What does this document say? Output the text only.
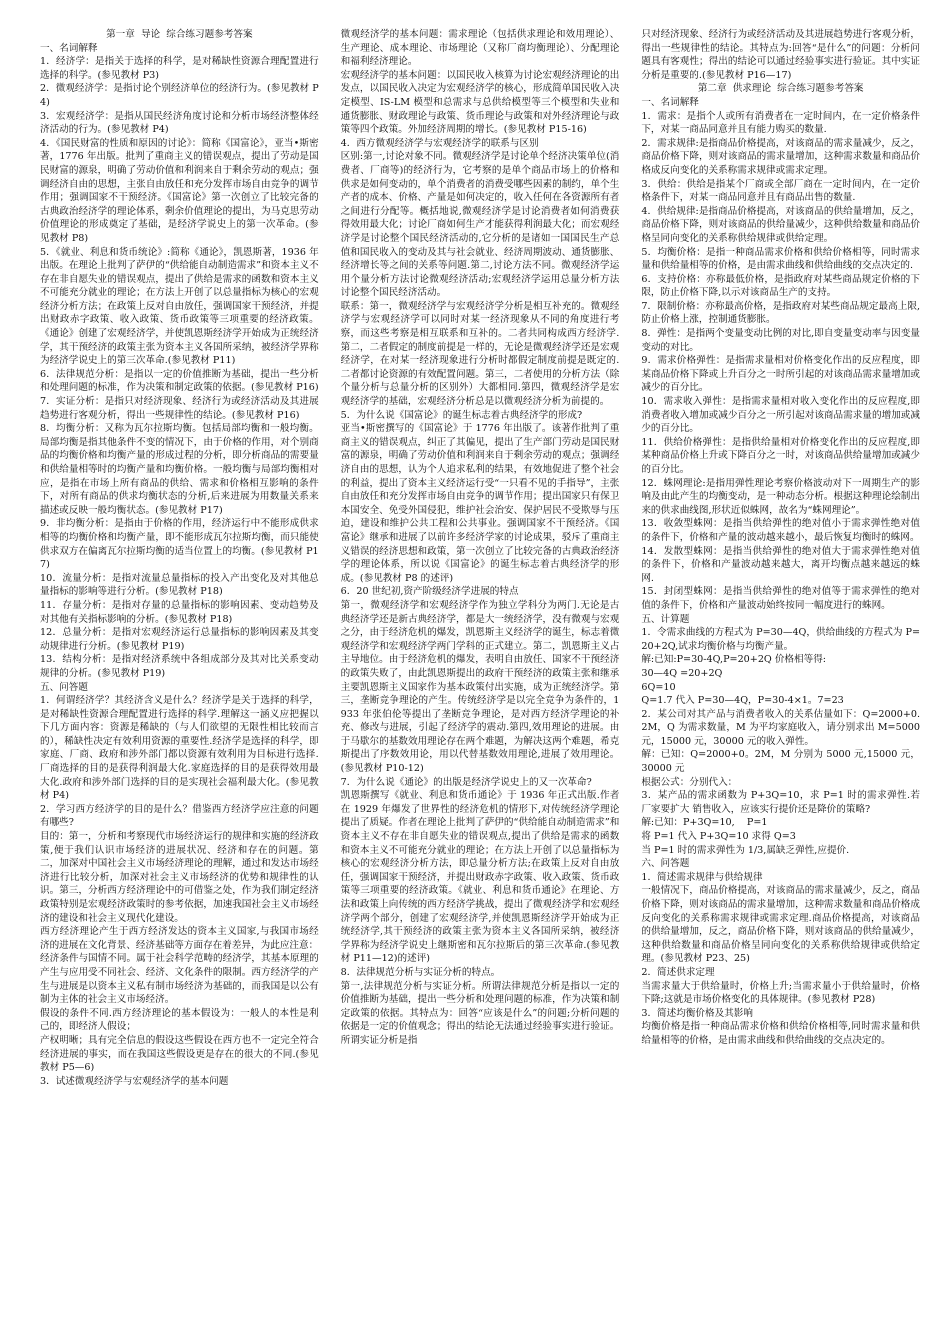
第一章  导论  综合练习题参考答案

一、名词解释

1．经济学：是指关于选择的科学，是对稀缺性资源合理配置进行选择的科学。(参见教材 P3)

2．微观经济学：是指讨论个别经济单位的经济行为。(参见教材 P4)

3．宏观经济学：是指从国民经济角度讨论和分析市场经济整体经济活动的行为。(参见教材 P4)

4．《国民财富的性质和原因的讨论》：简称《国富论》，亚当•斯密著，1776 年出版。批判了重商主义的错误观点，提出了劳动是国民财富的源泉，明确了劳动价值和利润来自于剩余劳动的观点；强调经济自由的思想，主张自由放任和充分发挥市场自由竞争的调节作用；强调国家不干预经济。《国富论》第一次创立了比较完备的古典政治经济学的理论体系，剩余价值理论的提出，为马克思劳动价值理论的形成奠定了基础，是经济学说史上的第一次革命。(参见教材 P8)

5．《就业、利息和货币统论》:简称《通论》，凯恩斯著，1936 年出版。在理论上批判了萨伊的“供给能自动制造需求”和资本主义不存在非自愿失业的错误观点，提出了供给是需求的函数和资本主义不可能充分就业的理论；在方法上开创了以总量指标为核心的宏观经济分析方法；在政策上反对自由放任，强调国家干预经济，并提出财政赤字政策、收入政策、货币政策等三项重要的经济政策。《通论》创建了宏观经济学，并使凯恩斯经济学开始成为正统经济学，其干预经济的政策主张为资本主义各国所采纳，被经济学界称为经济学说史上的第三次革命.(参见教材 P11)

6．法律规范分析：是指以一定的价值推断为基础，提出一些分析和处理问题的标准，作为决策和制定政策的依据。(参见教材 P16)

7．实证分析：是指只对经济现象、经济行为或经济活动及其进展趋势进行客观分析，得出一些规律性的结论。(参见教材 P16)

8．均衡分析：又称为瓦尔拉斯均衡。包括局部均衡和一般均衡。局部均衡是指其他条件不变的情况下，由于价格的作用，对个别商品的均衡价格和均衡产量的形成过程的分析，即分析商品的需要量和供给量相等时的均衡产量和均衡价格。一般均衡与局部均衡相对应，是指在市场上所有商品的供给、需求和价格相互影响的条件下，对所有商品的供求均衡状态的分析,后来进展为用数量关系来描述或反映一般均衡状态。(参见教材 P17)

9．非均衡分析：是指由于价格的作用，经济运行中不能形成供求相等的均衡价格和均衡产量，即不能形成瓦尔拉斯均衡，而只能使供求双方在偏离瓦尔拉斯均衡的适当位置上的均衡。(参见教材 P17)

10．流量分析：是指对流量总量指标的投入产出变化及对其他总量指标的影响等进行分析。(参见教材 P18)

11．存量分析：是指对存量的总量指标的影响因素、变动趋势及对其他有关指标影响的分析。(参见教材 P18)

12．总量分析：是指对宏观经济运行总量指标的影响因素及其变动规律进行分析。(参见教材 P19)

13．结构分析：是指对经济系统中各组成部分及其对比关系变动规律的分析。(参见教材 P19)

五、问答题

1．何谓经济学？其经济含义是什么？经济学是关于选择的科学，是对稀缺性资源合理配置进行选择的科学.理解这一涵义应把握以下几方面内容：资源是稀缺的（与人们欲望的无限性相比较而言的），稀缺性决定有效利用资源的重要性.经济学是选择的科学，即家庭、厂商、政府和涉外部门都以资源有效利用为目标进行选择.厂商选择的目的是获得利润最大化.家庭选择的目的是获得效用最大化.政府和涉外部门选择的目的是实现社会福利最大化。(参见教材 P4)

2．学习西方经济学的目的是什么？借鉴西方经济学应注意的问题有哪些?

目的：第一，分析和考察现代市场经济运行的规律和实施的经济政策,便于我们认识市场经济的进展状况、经济和存在的问题。第二，加深对中国社会主义市场经济理论的理解，通过和发达市场经济进行比较分析，加深对社会主义市场经济的优势和规律性的认识。第三，分析西方经济理论中的可借鉴之处，作为我们制定经济政策特别是宏观经济政策时的参考依据，加速我国社会主义市场经济的建设和社会主义现代化建设。

西方经济理论产生于西方经济发达的资本主义国家,与我国市场经济的进展在文化背景、经济基础等方面存在着差异，为此应注意：

经济条件与国情不同。属于社会科学范畴的经济学，其基本原理的产生与应用受不同社会、经济、文化条件的限制。西方经济学的产生与进展是以资本主义私有制市场经济为基础的，而我国是以公有制为主体的社会主义市场经济。

假设的条件不同.西方经济理论的基本假设为：一般人的本性是利己的，即经济人假设；

产权明晰；具有完全信息的假设这些假设在西方也不一定完全符合经济进展的事实，而在我国这些假设更是存在的很大的不同.(参见教材 P5—6)

3．试述微观经济学与宏观经济学的基本问题

微观经济学的基本问题：需求理论（包括供求理论和效用理论）、生产理论、成本理论、市场理论（又称厂商均衡理论）、分配理论和福利经济理论。

宏观经济学的基本问题：以国民收入核算为讨论宏观经济理论的出发点，以国民收入决定为宏观经济学的核心，形成简单国民收入决定模型、IS-LM 模型和总需求与总供给模型等三个模型和失业和通货膨胀、财政理论与政策、货币理论与政策和对外经济理论与政策等四个政策。外加经济周期的增长。(参见教材 P15-16)

4．西方微观经济学与宏观经济学的联系与区别

区别:第一,讨论对象不同。微观经济学是讨论单个经济决策单位(消费者、厂商等)的经济行为，它考察的是单个商品市场上的价格和供求是如何变动的，单个消费者的消费受哪些因素的制约，单个生产者的成本、价格、产量是如何决定的，收入任何在各资源所有者之间进行分配等。概括地说,微观经济学是讨论消费者如何消费获得效用最大化；讨论厂商如何生产才能获得利润最大化；而宏观经济学是讨论整个国民经济活动的,它分析的是诸如一国国民生产总值和国民收入的变动及其与社会就业、经济周期波动、通货膨胀、经济增长等之间的关系等问题.第二,讨论方法不同。微观经济学运用个量分析方法讨论微观经济活动;宏观经济学运用总量分析方法讨论整个国民经济活动。

联系：第一，微观经济学与宏观经济学分析是相互补充的。微观经济学与宏观经济学可以同时对某一经济现象从不同的角度进行考察，而这些考察是相互联系和互补的。二者共同构成西方经济学.第二，二者假定的制度前提是一样的，无论是微观经济学还是宏观经济学，在对某一经济现象进行分析时都假定制度前提是既定的.二者都讨论资源的有效配置问题。第三，二者使用的分析方法（除个量分析与总量分析的区别外）大都相同.第四，微观经济学是宏观经济学的基础，宏观经济分析总是以微观经济分析为前提的。

5．为什么说《国富论》的诞生标志着古典经济学的形成?

亚当•斯密撰写的《国富论》于 1776 年出版了。该著作批判了重商主义的错误观点，纠正了其偏见，提出了生产部门劳动是国民财富的源泉，明确了劳动价值和利润来自于剩余劳动的观点；强调经济自由的思想，认为个人追求私利的结果，有效地促进了整个社会的利益，提出了资本主义经济运行受“一只看不见的手指导”，主张自由放任和充分发挥市场自由竞争的调节作用；提出国家只有保卫本国安全、免受外国侵犯，维护社会治安、保护居民不受欺辱与压迫，建设和维护公共工程和公共事业。强调国家不干预经济。《国富论》继承和进展了以前许多经济学家的讨论成果，驳斥了重商主义错误的经济思想和政策，第一次创立了比较完备的古典政治经济学的理论体系，所以说《国富论》的诞生标志着古典经济学的形成。(参见教材 P8 的述评)

6．20 世纪初,资产阶级经济学进展的特点

第一，微观经济学和宏观经济学作为独立学科分为两门.无论是古典经济学还是新古典经济学，都是大一统经济学，没有微观与宏观之分，由于经济危机的爆发，凯恩斯主义经济学的诞生，标志着微观经济学和宏观经济学两门学科的正式建立。第二，凯恩斯主义占主导地位。由于经济危机的爆发，表明自由放任、国家不干预经济的政策失败了，由此凯恩斯提出的政府干预经济的政策主张和继承主要凯恩斯主义国家作为基本政策付出实施，成为正统经济学。第三，垄断竞争理论的产生。传统经济学是以完全竞争为条件的，1933 年张伯伦等提出了垄断竞争理论，是对西方经济学理论的补充、修改与进展，引起了经济学的震动.第四,效用理论的进展。由于马歇尔的基数效用理论存在两个难题，为解决这两个难题，希克斯提出了序数效用论，用以代替基数效用理论,进展了效用理论。(参见教材 P10-12)

7．为什么说《通论》的出版是经济学说史上的又一次革命?

凯恩斯撰写《就业、利息和货币通论》于 1936 年正式出版.作者在 1929 年爆发了世界性的经济危机的情形下,对传统经济学理论提出了质疑。作者在理论上批判了萨伊的“供给能自动制造需求”和资本主义不存在非自愿失业的错误观点,提出了供给是需求的函数和资本主义不可能充分就业的理论；在方法上开创了以总量指标为核心的宏观经济分析方法，即总量分析方法;在政策上反对自由放任，强调国家干预经济，并提出财政赤字政策、收入政策、货币政策等三项重要的经济政策。《就业、利息和货币通论》在理论、方法和政策上向传统的西方经济学挑战，提出了微观经济学和宏观经济学两个部分，创建了宏观经济学,并使凯恩斯经济学开始成为正统经济学,其干预经济的政策主张为资本主义各国所采纳，被经济学界称为经济学说史上继斯密和瓦尔拉斯后的第三次革命.(参见教材 P11—12)的述评)

8．法律规范分析与实证分析的特点。

第一,法律规范分析与实证分析。所谓法律规范分析是指以一定的价值推断为基础，提出一些分析和处理问题的标准，作为决策和制定政策的依据。其特点为：回答“应该是什么”的问题;分析问题的依据是一定的价值观念；得出的结论无法通过经验事实进行验证。所谓实证分析是指

只对经济现象、经济行为或经济活动及其进展趋势进行客观分析，得出一些规律性的结论。其特点为:回答“是什么”的问题：分析问题具有客观性；得出的结论可以通过经验事实进行验证。其中实证分析是重要的.(参见教材 P16—17)

第二章  供求理论  综合练习题参考答案

一、名词解释

1．需求：是指个人或所有消费者在一定时间内，在一定价格条件下，对某一商品同意并且有能力购买的数量.

2．需求规律:是指商品价格提高，对该商品的需求量减少，反之，商品价格下降，则对该商品的需求量增加，这种需求数量和商品价格成反向变化的关系称需求规律或需求定理。

3．供给：供给是指某个厂商或全部厂商在一定时间内，在一定价格条件下，对某一商品同意并且有商品出售的数量.

4．供给规律:是指商品价格提高，对该商品的供给量增加，反之，商品价格下降，则对该商品的供给量减少，这种供给数量和商品价格呈同向变化的关系称供给规律或供给定理。

5．均衡价格：是指一种商品需求价格和供给价格相等，同时需求量和供给量相等的价格，是由需求曲线和供给曲线的交点决定的.

6．支持价格：亦称最低价格，是指政府对某些商品规定价格的下限，防止价格下降,以示对该商品生产的支持。

7．限制价格：亦称最高价格，是指政府对某些商品规定最高上限,防止价格上涨，控制通货膨胀。

8．弹性：是指两个变量变动比例的对比,即自变量变动率与因变量变动的对比。

9．需求价格弹性：是指需求量相对价格变化作出的反应程度，即某商品价格下降或上升百分之一时所引起的对该商品需求量增加或减少的百分比。

10．需求收入弹性：是指需求量相对收入变化作出的反应程度,即消费者收入增加或减少百分之一所引起对该商品需求量的增加或减少的百分比。

11．供给价格弹性：是指供给量相对价格变化作出的反应程度,即某种商品价格上升或下降百分之一时，对该商品供给量增加或减少的百分比。

12．蛛网理论:是指用弹性理论考察价格波动对下一周期生产的影响及由此产生的均衡变动，是一种动态分析。根据这种理论绘制出来的供求曲线图,形状近似蛛网，故名为“蛛网理论”。

13．收敛型蛛网：是指当供给弹性的绝对值小于需求弹性绝对值的条件下，价格和产量的波动越来越小，最后恢复均衡时的蛛网。

14．发散型蛛网：是指当供给弹性的绝对值大于需求弹性绝对值的条件下，价格和产量波动越来越大，离开均衡点越来越远的蛛网.

15．封闭型蛛网：是指当供给弹性的绝对值等于需求弹性的绝对值的条件下，价格和产量波动始终按同一幅度进行的蛛网。

五、计算题

1．令需求曲线的方程式为 P=30—4Q，供给曲线的方程式为 P=20+2Q,试求均衡价格与均衡产量。

解:已知:P=30-4Q,P=20+2Q 价格相等得:

30—4Q =20+2Q

6Q=10

Q=1.7 代入 P=30—4Q，P=30-4×1。7=23

2．某公司对其产品与消费者收入的关系估量如下：Q=2000+0.2M，Q 为需求数量，M 为平均家庭收入，请分别求出 M=5000 元，15000 元，30000 元的收入弹性。

解：已知：Q=2000+0。2M，M 分别为 5000 元,15000 元，30000 元

根据公式：分别代入：

3．某产品的需求函数为 P+3Q=10，求 P=1 时的需求弹性.若厂家要扩大 销售收入，应该实行提价还是降价的策略?

解:已知：P+3Q=10,    P=1

将 P=1 代入 P+3Q=10 求得 Q=3

当 P=1 时的需求弹性为 1/3,属缺乏弹性,应提价.

六、问答题

1．简述需求规律与供给规律

一般情况下，商品价格提高，对该商品的需求量减少，反之，商品价格下降，则对该商品的需求量增加，这种需求数量和商品价格成反向变化的关系称需求规律或需求定理.商品价格提高，对该商品的供给量增加，反之，商品价格下降，则对该商品的供给量减少，这种供给数量和商品价格呈同向变化的关系称供给规律或供给定理。(参见教材 P23、25)

2．简述供求定理

当需求量大于供给量时，价格上升;当需求量小于供给量时，价格下降;这就是市场价格变化的具体规律。(参见教材 P28)

3．简述均衡价格及其影响

均衡价格是指一种商品需求价格和供给价格相等,同时需求量和供给量相等的价格，是由需求曲线和供给曲线的交点决定的。
